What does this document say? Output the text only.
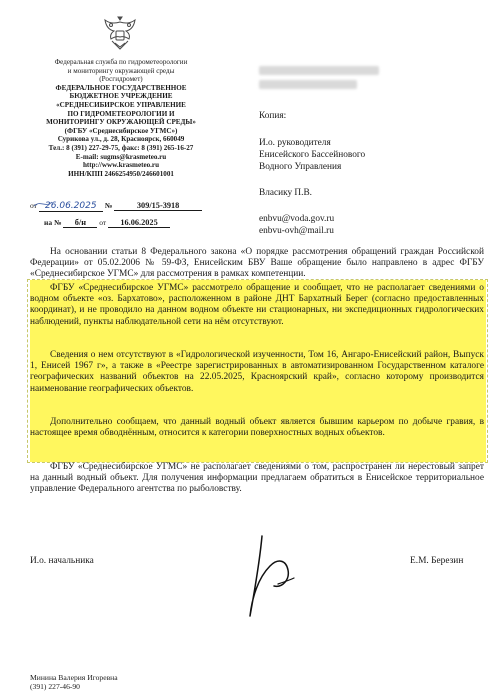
Федеральная служба по гидрометеорологии
и мониторингу окружающей среды
(Росгидромет)
ФЕДЕРАЛЬНОЕ ГОСУДАРСТВЕННОЕ
БЮДЖЕТНОЕ УЧРЕЖДЕНИЕ
«СРЕДНЕСИБИРСКОЕ УПРАВЛЕНИЕ
ПО ГИДРОМЕТЕОРОЛОГИИ И
МОНИТОРИНГУ ОКРУЖАЮЩЕЙ СРЕДЫ»
(ФГБУ «Среднесибирское УГМС»)
Сурикова ул., д. 28, Красноярск, 660049
Тел.: 8 (391) 227-29-75, факс: 8 (391) 265-16-27
E-mail: sugms@krasmeteo.ru
http://www.krasmeteo.ru
ИНН/КПП 2466254950/246601001
от 26.06.2025 №	309/15-3918
на № б/н от 16.06.2025
Копия:
И.о. руководителя
Енисейского Бассейнового
Водного Управления
Власику П.В.
enbvu@voda.gov.ru
enbvu-ovh@mail.ru

На основании статьи 8 Федерального закона «О порядке рассмотрения обращений граждан Российской Федерации» от 05.02.2006 № 59-ФЗ, Енисейским БВУ Ваше обращение было направлено в адрес ФГБУ «Среднесибирское УГМС» для рассмотрения в рамках компетенции.

ФГБУ «Среднесибирское УГМС» рассмотрело обращение и сообщает, что не располагает сведениями о водном объекте «оз. Бархатово», расположенном в районе ДНТ Бархатный Берег (согласно предоставленных координат), и не проводило на данном водном объекте ни стационарных, ни экспедиционных гидрологических наблюдений, пункты наблюдательной сети на нём отсутствуют.

Сведения о нем отсутствуют в «Гидрологической изученности, Том 16, Ангаро-Енисейский район, Выпуск 1, Енисей 1967 г», а также в «Реестре зарегистрированных в автоматизированном Государственном каталоге географических названий объектов на 22.05.2025, Красноярский край», согласно которому производится наименование географических объектов.

Дополнительно сообщаем, что данный водный объект является бывшим карьером по добыче гравия, в настоящее время обводнённым, относится к категории поверхностных водных объектов.

ФГБУ «Среднесибирское УГМС» не располагает сведениями о том, распространен ли нерестовый запрет на данный водный объект. Для получения информации предлагаем обратиться в Енисейское территориальное управление Федерального агентства по рыболовству.

И.о. начальника	Е.М. Березин
Минина Валерия Игоревна
(391) 227-46-90
